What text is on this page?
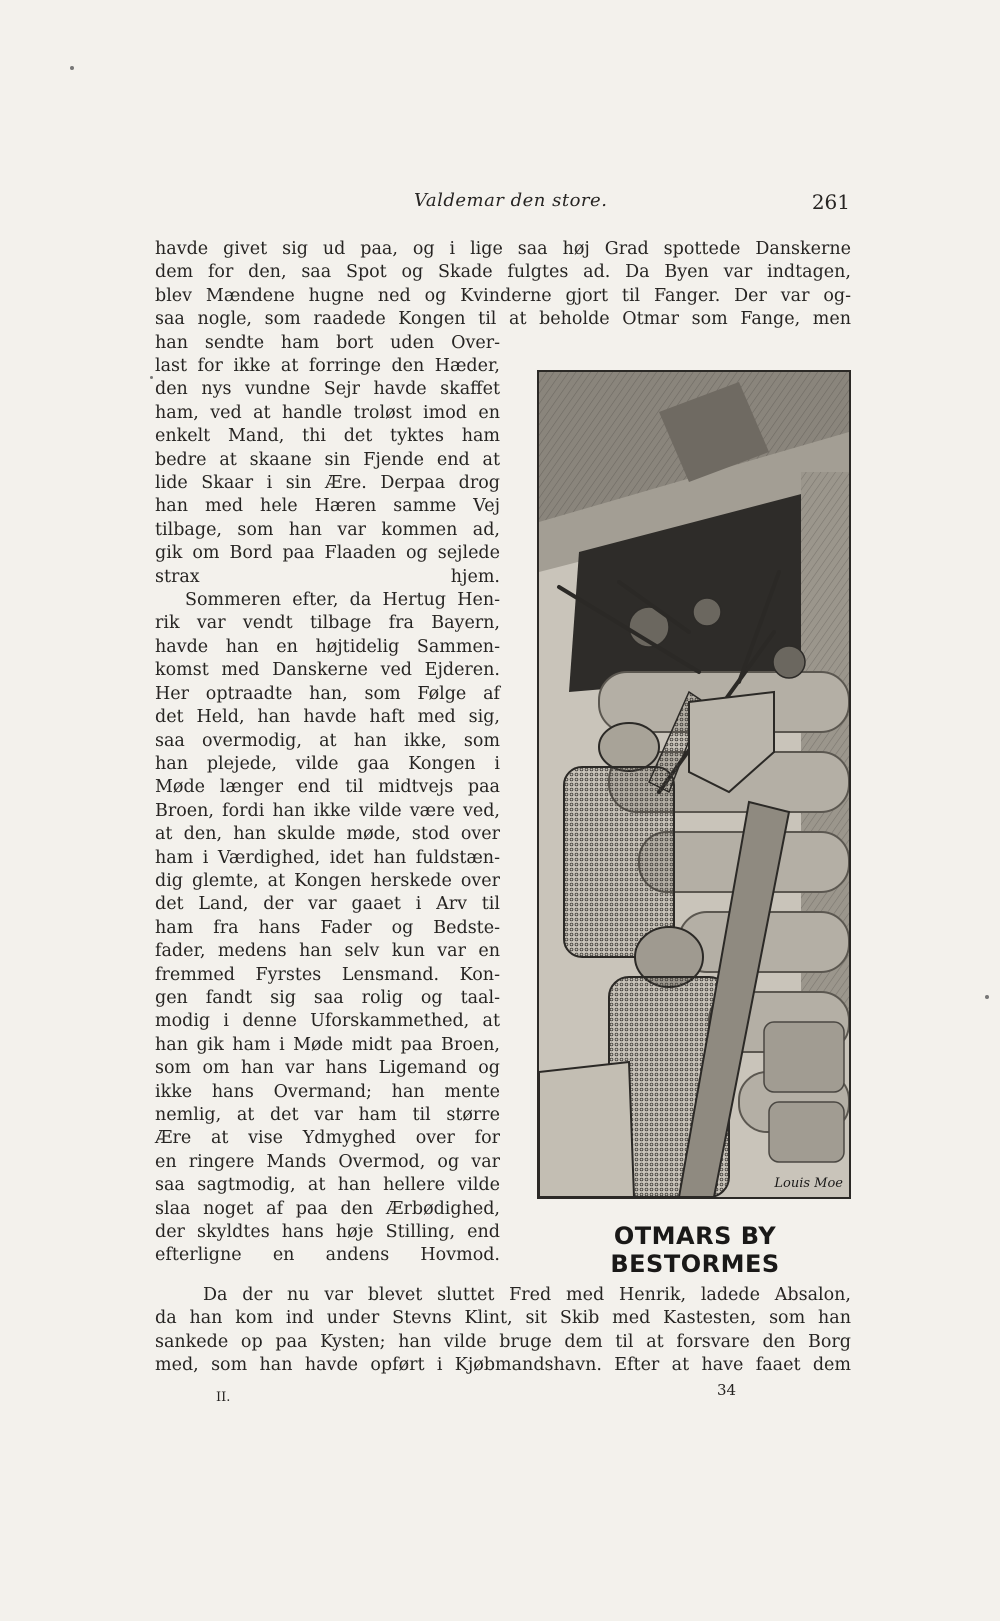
Valdemar den store.	261
havde givet sig ud paa, og i lige saa høj Grad spottede Danskerne
dem for den, saa Spot og Skade fulgtes ad. Da Byen var indtagen,
blev Mændene hugne ned og Kvinderne gjort til Fanger. Der var og-
saa nogle, som raadede Kongen til at beholde Otmar som Fange, men
han sendte ham bort uden Over-
last for ikke at forringe den Hæder,
den nys vundne Sejr havde skaffet
ham, ved at handle troløst imod en
enkelt Mand, thi det tyktes ham
bedre at skaane sin Fjende end at
lide Skaar i sin Ære. Derpaa drog
han med hele Hæren samme Vej
tilbage, som han var kommen ad,
gik om Bord paa Flaaden og sejlede
strax hjem.
Sommeren efter, da Hertug Hen-
rik var vendt tilbage fra Bayern,
havde han en højtidelig Sammen-
komst med Danskerne ved Ejderen.
Her optraadte han, som Følge af
det Held, han havde haft med sig,
saa overmodig, at han ikke, som
han plejede, vilde gaa Kongen i
Møde længer end til midtvejs paa
Broen, fordi han ikke vilde være ved,
at den, han skulde møde, stod over
ham i Værdighed, idet han fuldstæn-
dig glemte, at Kongen herskede over
det Land, der var gaaet i Arv til
ham fra hans Fader og Bedste-
fader, medens han selv kun var en
fremmed Fyrstes Lensmand. Kon-
gen fandt sig saa rolig og taal-
modig i denne Uforskammethed, at
han gik ham i Møde midt paa Broen,
som om han var hans Ligemand og
ikke hans Overmand; han mente
nemlig, at det var ham til større
Ære at vise Ydmyghed over for
en ringere Mands Overmod, og var
saa sagtmodig, at han hellere vilde
slaa noget af paa den Ærbødighed,
der skyldtes hans høje Stilling, end
efterligne en andens Hovmod.
Da der nu var blevet sluttet Fred med Henrik, ladede Absalon,
da han kom ind under Stevns Klint, sit Skib med Kastesten, som han
sankede op paa Kysten; han vilde bruge dem til at forsvare den Borg
med, som han havde opført i Kjøbmandshavn. Efter at have faaet dem
Louis Moe
OTMARS BY BESTORMES
II.	34
